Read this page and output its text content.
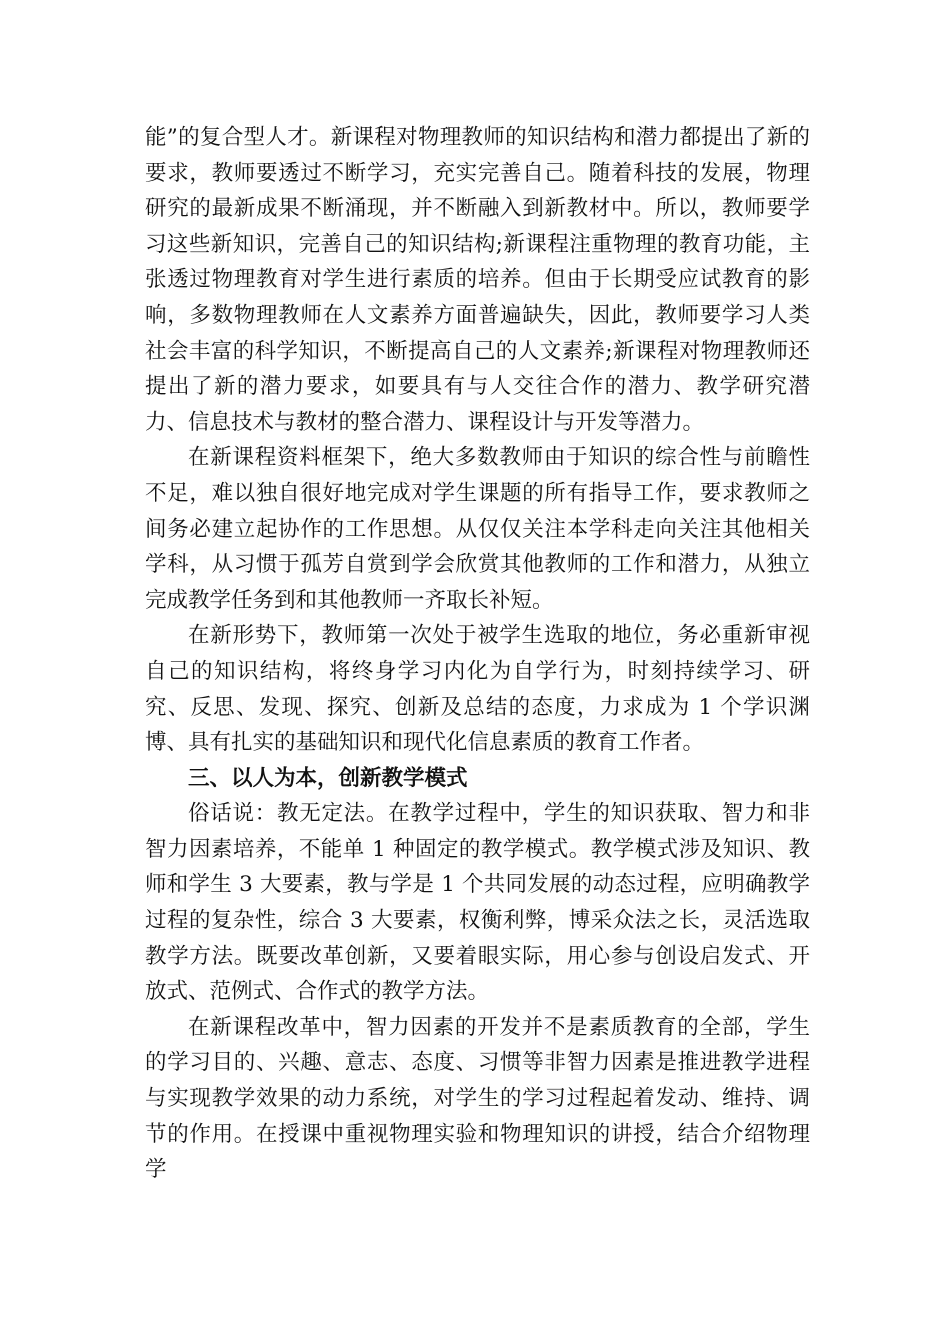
能”的复合型人才。新课程对物理教师的知识结构和潜力都提出了新的要求，教师要透过不断学习，充实完善自己。随着科技的发展，物理研究的最新成果不断涌现，并不断融入到新教材中。所以，教师要学习这些新知识，完善自己的知识结构;新课程注重物理的教育功能，主张透过物理教育对学生进行素质的培养。但由于长期受应试教育的影响，多数物理教师在人文素养方面普遍缺失，因此，教师要学习人类社会丰富的科学知识，不断提高自己的人文素养;新课程对物理教师还提出了新的潜力要求，如要具有与人交往合作的潜力、教学研究潜力、信息技术与教材的整合潜力、课程设计与开发等潜力。

在新课程资料框架下，绝大多数教师由于知识的综合性与前瞻性不足，难以独自很好地完成对学生课题的所有指导工作，要求教师之间务必建立起协作的工作思想。从仅仅关注本学科走向关注其他相关学科，从习惯于孤芳自赏到学会欣赏其他教师的工作和潜力，从独立完成教学任务到和其他教师一齐取长补短。

在新形势下，教师第一次处于被学生选取的地位，务必重新审视自己的知识结构，将终身学习内化为自学行为，时刻持续学习、研究、反思、发现、探究、创新及总结的态度，力求成为 1 个学识渊博、具有扎实的基础知识和现代化信息素质的教育工作者。

三、以人为本，创新教学模式

俗话说：教无定法。在教学过程中，学生的知识获取、智力和非智力因素培养，不能单 1 种固定的教学模式。教学模式涉及知识、教师和学生 3 大要素，教与学是 1 个共同发展的动态过程，应明确教学过程的复杂性，综合 3 大要素，权衡利弊，博采众法之长，灵活选取教学方法。既要改革创新，又要着眼实际，用心参与创设启发式、开放式、范例式、合作式的教学方法。

在新课程改革中，智力因素的开发并不是素质教育的全部，学生的学习目的、兴趣、意志、态度、习惯等非智力因素是推进教学进程与实现教学效果的动力系统，对学生的学习过程起着发动、维持、调节的作用。在授课中重视物理实验和物理知识的讲授，结合介绍物理学
